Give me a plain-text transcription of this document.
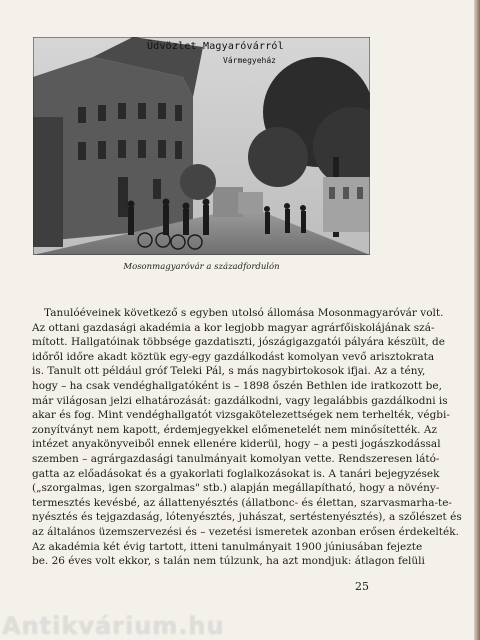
Üdvözlet Magyaróvárról
Vármegyeház
Mosonmagyaróvár a századfordulón
Tanulóéveinek következő s egyben utolsó állomása Mosonmagyaróvár volt.
Az ottani gazdasági akadémia a kor legjobb magyar agrárfőiskolájának szá-
mított. Hallgatóinak többsége gazdatiszti, jószágigazgatói pályára készült, de
időről időre akadt köztük egy-egy gazdálkodást komolyan vevő arisztokrata
is. Tanult ott például gróf Teleki Pál, s más nagybirtokosok ifjai. Az a tény,
hogy – ha csak vendéghallgatóként is – 1898 őszén Bethlen ide iratkozott be,
már világosan jelzi elhatározását: gazdálkodni, vagy legalábbis gazdálkodni is
akar és fog. Mint vendéghallgatót vizsgakötelezettségek nem terhelték, végbi-
zonyítványt nem kapott, érdemjegyekkel előmenetelét nem minősítették. Az
intézet anyakönyveiből ennek ellenére kiderül, hogy – a pesti jogászkodással
szemben – agrárgazdasági tanulmányait komolyan vette. Rendszeresen látó-
gatta az előadásokat és a gyakorlati foglalkozásokat is. A tanári bejegyzések
(„szorgalmas, igen szorgalmas" stb.) alapján megállapítható, hogy a növény-
termesztés kevésbé, az állattenyésztés (állatbonc- és élettan, szarvasmarha-te-
nyésztés és tejgazdaság, lótenyésztés, juhászat, sertéstenyésztés), a szőlészet és
az általános üzemszervezési és – vezetési ismeretek azonban erősen érdekelték.
Az akadémia két évig tartott, itteni tanulmányait 1900 júniusában fejezte
be. 26 éves volt ekkor, s talán nem túlzunk, ha azt mondjuk: átlagon felüli
25
Antikvárium.hu
